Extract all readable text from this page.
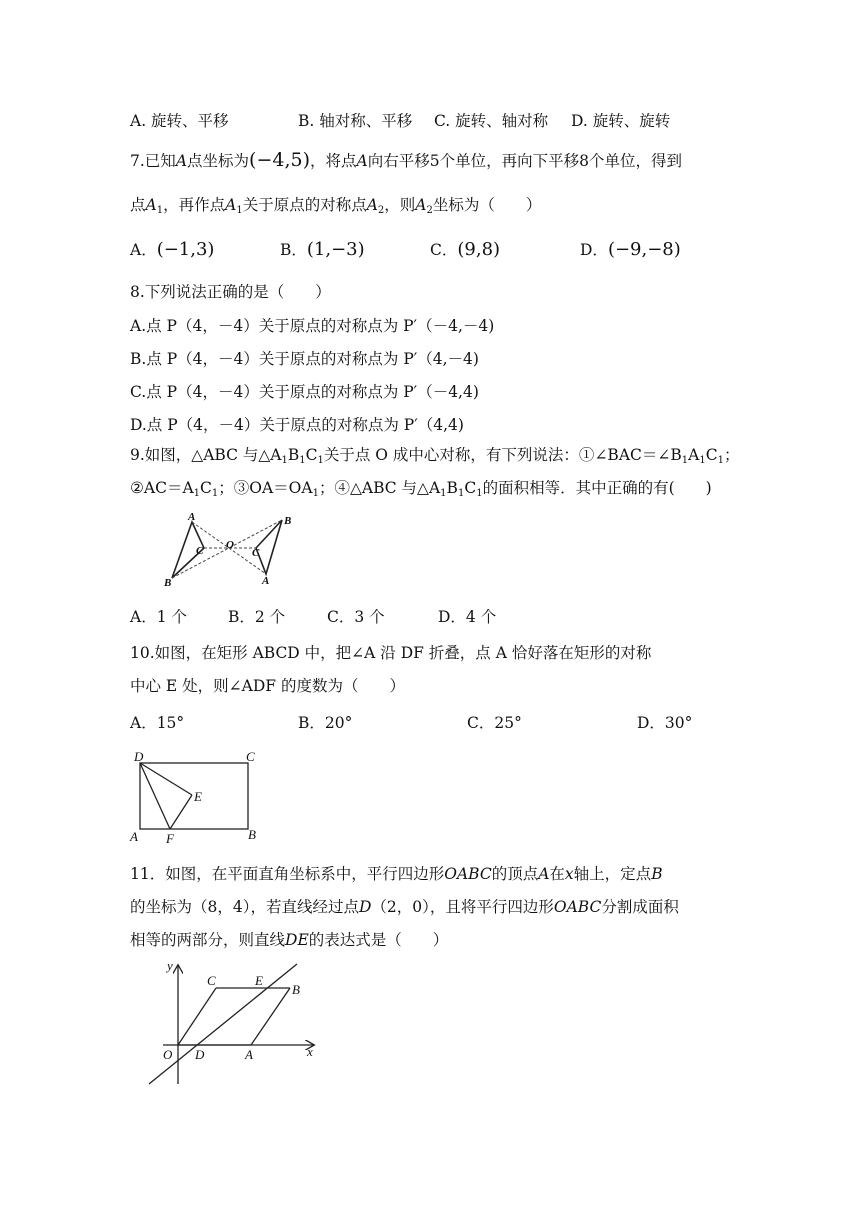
A. 旋转、平移	B. 轴对称、平移 C. 旋转、轴对称 D. 旋转、旋转
7.已知A点坐标为(−4,5)，将点A向右平移5个单位，再向下平移8个单位，得到
点$A_1$，再作点$A_1$关于原点的对称点$A_2$，则$A_2$坐标为（　　）
A．(−1,3)	B．(1,−3)	C．(9,8)	D．(−9,−8)
8.下列说法正确的是（　　）
A.点 P（4，－4）关于原点的对称点为 P′（－4,－4)
B.点 P（4，－4）关于原点的对称点为 P′（4,－4)
C.点 P（4，－4）关于原点的对称点为 P′（－4,4)
D.点 P（4，－4）关于原点的对称点为 P′（4,4)
9.如图，△ABC 与$\triangle A_1B_1C_1$关于点 O 成中心对称，有下列说法：$①\angle BAC=\angle B_1A_1C_1$；
$②AC=A_1C_1$；$③OA=OA_1$；④△ABC 与$\triangle A_1B_1C_1$的面积相等．其中正确的有(　　)
A
B
C O
C
B
A
A．1 个	B．2 个	C．3 个	D．4 个
10.如图，在矩形 ABCD 中，把∠A 沿 DF 折叠，点 A 恰好落在矩形的对称
中心 E 处，则∠ADF 的度数为（　　）
A．15°	B．20°	C．25°	D．30°
D	C
E
A F	B
11．如图，在平面直角坐标系中，平行四边形OABC的顶点A在x轴上，定点B
的坐标为（8，4），若直线经过点D（2，0），且将平行四边形OABC分割成面积
相等的两部分，则直线DE的表达式是（　　）
y
x
C	E
B
O D	A
